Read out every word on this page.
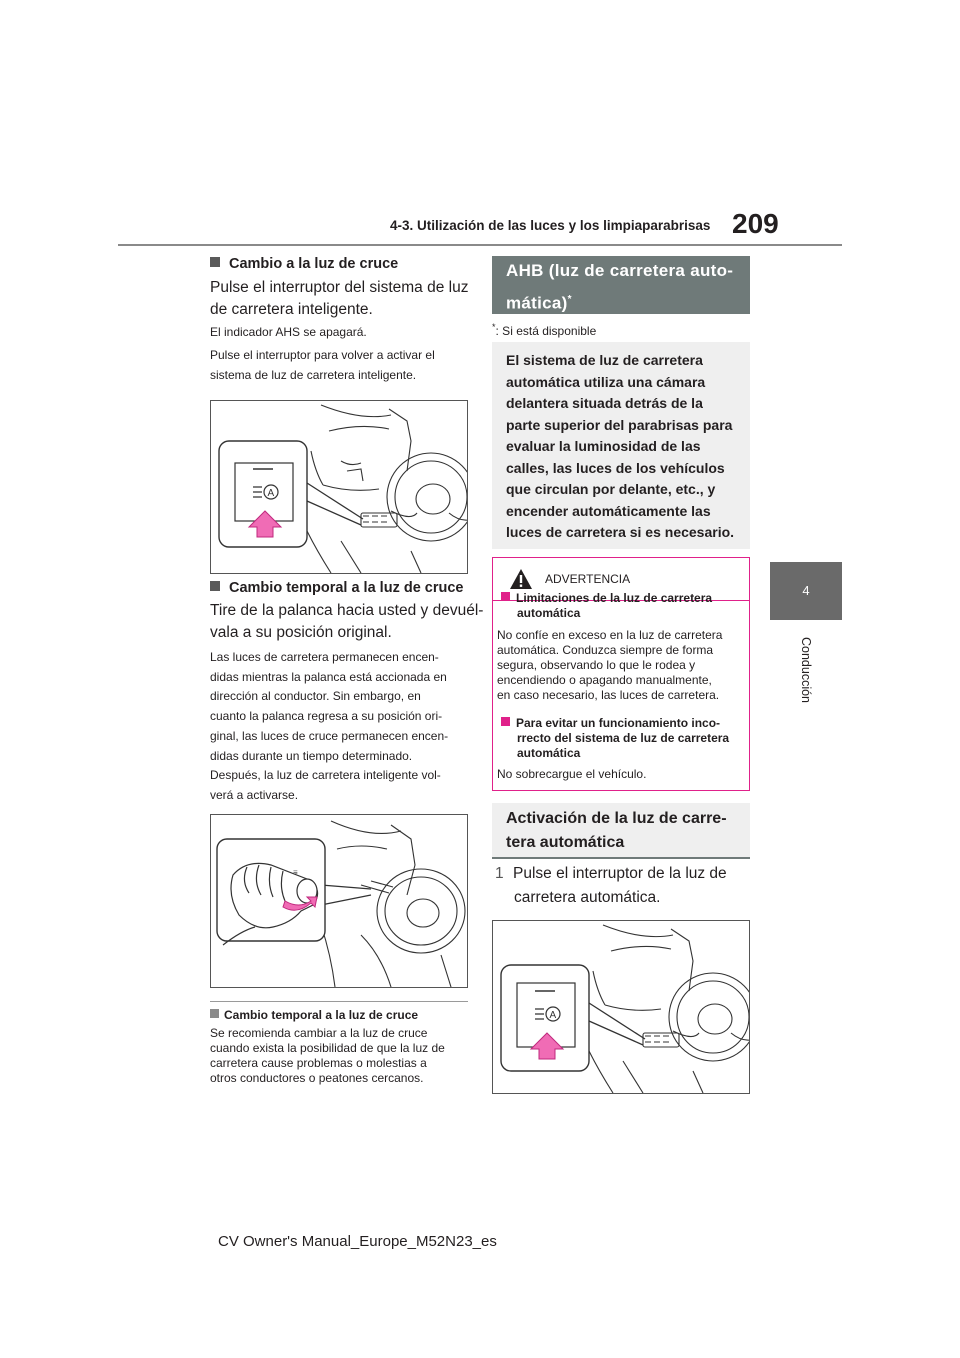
4-3. Utilización de las luces y los limpiaparabrisas 209
4
Conducción
Cambio a la luz de cruce
Pulse el interruptor del sistema de luz
de carretera inteligente.
El indicador AHS se apagará.
Pulse el interruptor para volver a activar el
sistema de luz de carretera inteligente.
A
Cambio temporal a la luz de cruce
Tire de la palanca hacia usted y devuél-
vala a su posición original.
Las luces de carretera permanecen encen-
didas mientras la palanca está accionada en
dirección al conductor. Sin embargo, en
cuanto la palanca regresa a su posición ori-
ginal, las luces de cruce permanecen encen-
didas durante un tiempo determinado.
Después, la luz de carretera inteligente vol-
verá a activarse.
≡
Cambio temporal a la luz de cruce
Se recomienda cambiar a la luz de cruce
cuando exista la posibilidad de que la luz de
carretera cause problemas o molestias a
otros conductores o peatones cercanos.
AHB (luz de carretera auto-
mática)*
*: Si está disponible
El sistema de luz de carretera
automática utiliza una cámara
delantera situada detrás de la
parte superior del parabrisas para
evaluar la luminosidad de las
calles, las luces de los vehículos
que circulan por delante, etc., y
encender automáticamente las
luces de carretera si es necesario.
ADVERTENCIA
Limitaciones de la luz de carretera
automática
No confíe en exceso en la luz de carretera
automática. Conduzca siempre de forma
segura, observando lo que le rodea y
encendiendo o apagando manualmente,
en caso necesario, las luces de carretera.
Para evitar un funcionamiento inco-
rrecto del sistema de luz de carretera
automática
No sobrecargue el vehículo.
Activación de la luz de carre-
tera automática
1 Pulse el interruptor de la luz de
carretera automática.
A
CV Owner's Manual_Europe_M52N23_es
